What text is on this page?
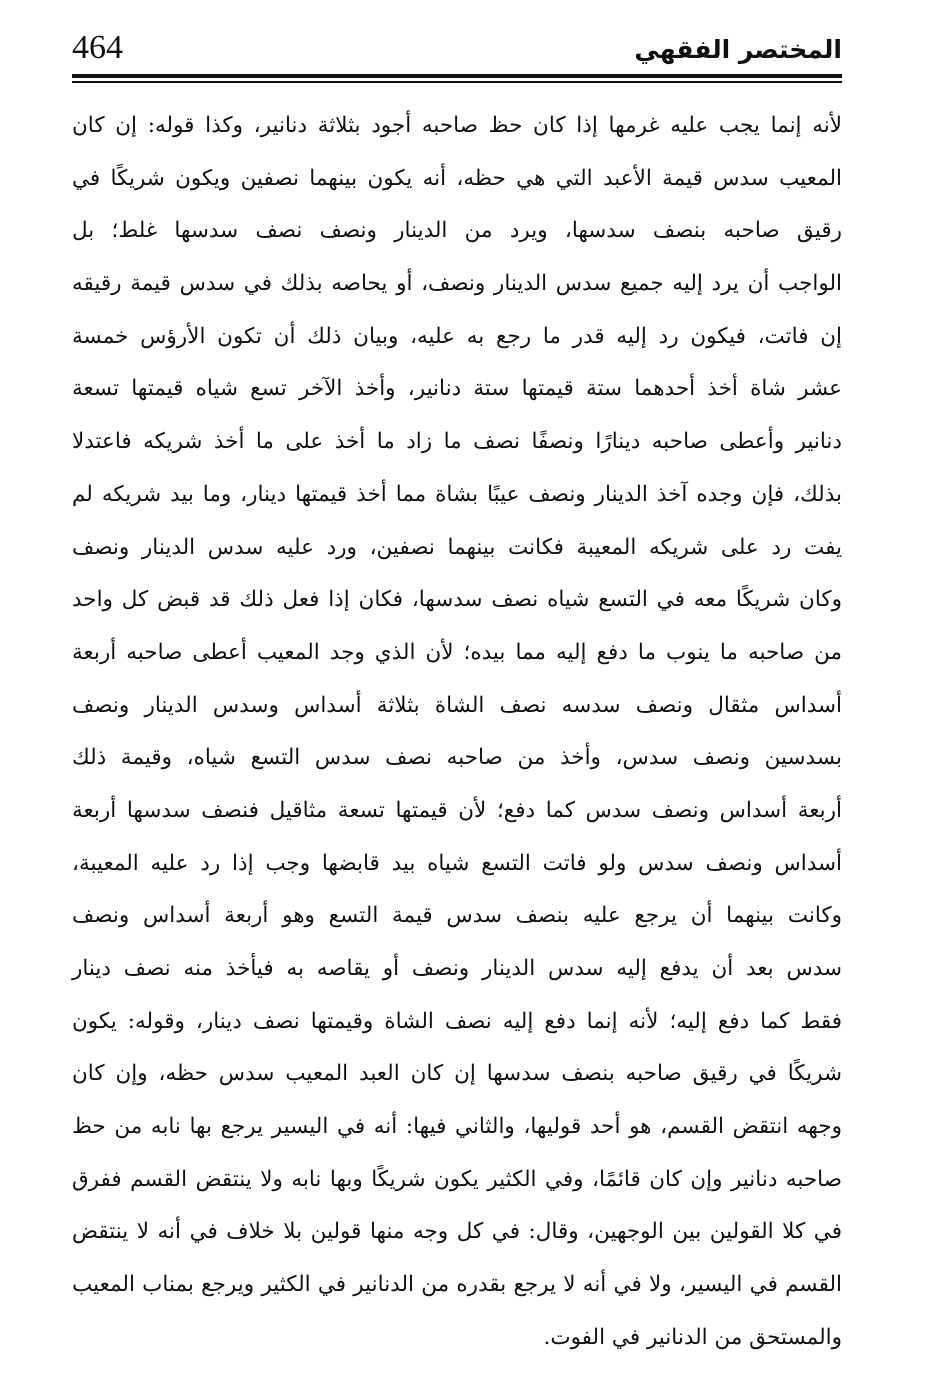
464	المختصر الفقهي
لأنه إنما يجب عليه غرمها إذا كان حظ صاحبه أجود بثلاثة دنانير، وكذا قوله: إن كان
المعيب سدس قيمة الأعبد التي هي حظه، أنه يكون بينهما نصفين ويكون شريكًا في
رقيق صاحبه بنصف سدسها، ويرد من الدينار ونصف نصف سدسها غلط؛ بل
الواجب أن يرد إليه جميع سدس الدينار ونصف، أو يحاصه بذلك في سدس قيمة رقيقه
إن فاتت، فيكون رد إليه قدر ما رجع به عليه، وبيان ذلك أن تكون الأرؤس خمسة
عشر شاة أخذ أحدهما ستة قيمتها ستة دنانير، وأخذ الآخر تسع شياه قيمتها تسعة
دنانير وأعطى صاحبه دينارًا ونصفًا نصف ما زاد ما أخذ على ما أخذ شريكه فاعتدلا
بذلك، فإن وجده آخذ الدينار ونصف عيبًا بشاة مما أخذ قيمتها دينار، وما بيد شريكه لم
يفت رد على شريكه المعيبة فكانت بينهما نصفين، ورد عليه سدس الدينار ونصف
وكان شريكًا معه في التسع شياه نصف سدسها، فكان إذا فعل ذلك قد قبض كل واحد
من صاحبه ما ينوب ما دفع إليه مما بيده؛ لأن الذي وجد المعيب أعطى صاحبه أربعة
أسداس مثقال ونصف سدسه نصف الشاة بثلاثة أسداس وسدس الدينار ونصف
بسدسين ونصف سدس، وأخذ من صاحبه نصف سدس التسع شياه، وقيمة ذلك
أربعة أسداس ونصف سدس كما دفع؛ لأن قيمتها تسعة مثاقيل فنصف سدسها أربعة
أسداس ونصف سدس ولو فاتت التسع شياه بيد قابضها وجب إذا رد عليه المعيبة،
وكانت بينهما أن يرجع عليه بنصف سدس قيمة التسع وهو أربعة أسداس ونصف
سدس بعد أن يدفع إليه سدس الدينار ونصف أو يقاصه به فيأخذ منه نصف دينار
فقط كما دفع إليه؛ لأنه إنما دفع إليه نصف الشاة وقيمتها نصف دينار، وقوله: يكون
شريكًا في رقيق صاحبه بنصف سدسها إن كان العبد المعيب سدس حظه، وإن كان
وجهه انتقض القسم، هو أحد قوليها، والثاني فيها: أنه في اليسير يرجع بها نابه من حظ
صاحبه دنانير وإن كان قائمًا، وفي الكثير يكون شريكًا وبها نابه ولا ينتقض القسم ففرق
في كلا القولين بين الوجهين، وقال: في كل وجه منها قولين بلا خلاف في أنه لا ينتقض
القسم في اليسير، ولا في أنه لا يرجع بقدره من الدنانير في الكثير ويرجع بمناب المعيب
والمستحق من الدنانير في الفوت.
